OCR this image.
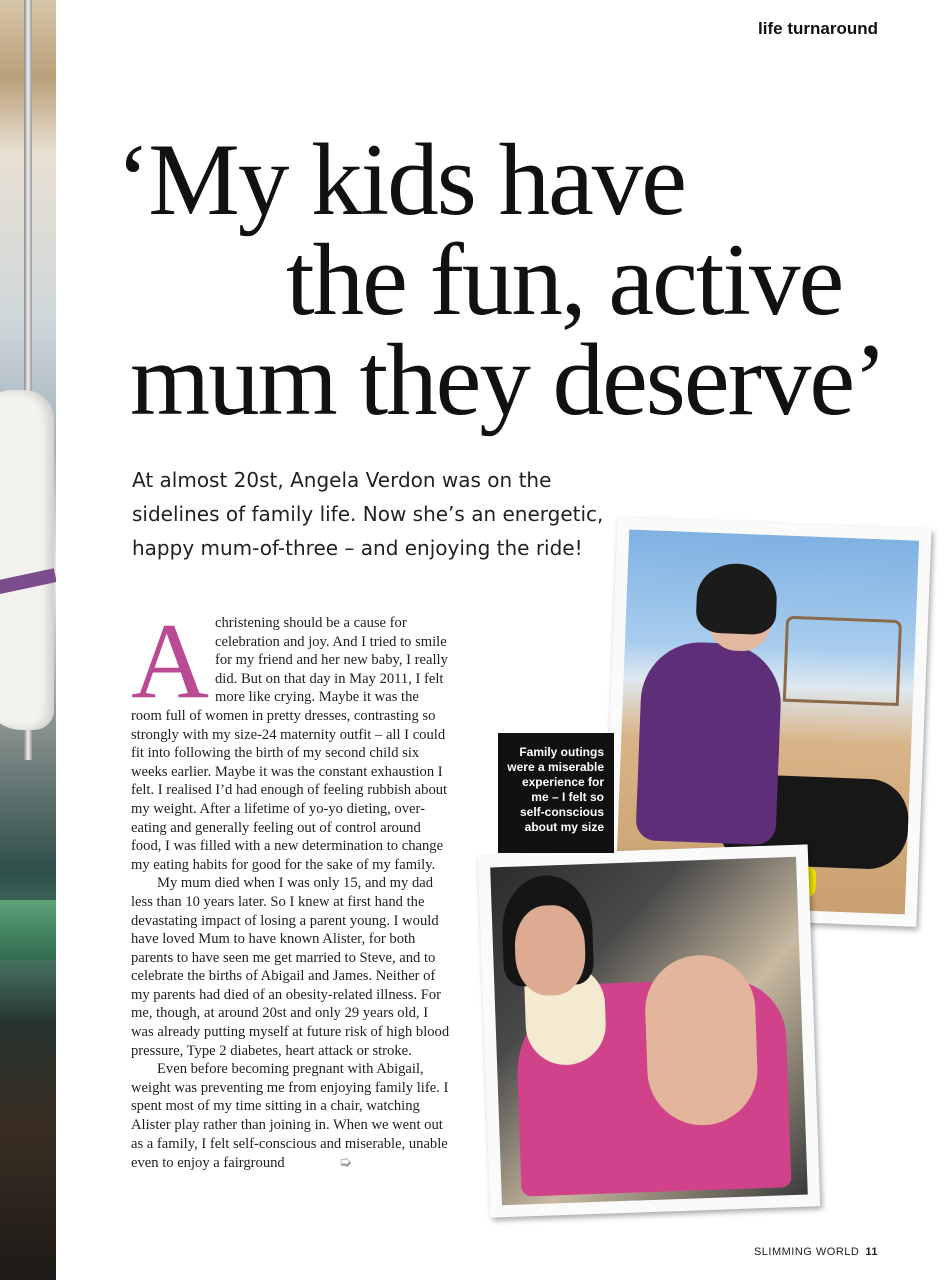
life turnaround
‘My kids have
the fun, active
mum they deserve’
At almost 20st, Angela Verdon was on the
sidelines of family life. Now she’s an energetic,
happy mum-of-three – and enjoying the ride!

A christening should be a cause for celebration and joy. And I tried to smile for my friend and her new baby, I really did. But on that day in May 2011, I felt more like crying. Maybe it was the room full of women in pretty dresses, contrasting so strongly with my size-24 maternity outfit – all I could fit into following the birth of my second child six weeks earlier. Maybe it was the constant exhaustion I felt. I realised I’d had enough of feeling rubbish about my weight. After a lifetime of yo-yo dieting, over-eating and generally feeling out of control around food, I was filled with a new determination to change my eating habits for good for the sake of my family.

My mum died when I was only 15, and my dad less than 10 years later. So I knew at first hand the devastating impact of losing a parent young. I would have loved Mum to have known Alister, for both parents to have seen me get married to Steve, and to celebrate the births of Abigail and James. Neither of my parents had died of an obesity-related illness. For me, though, at around 20st and only 29 years old, I was already putting myself at future risk of high blood pressure, Type 2 diabetes, heart attack or stroke.

Even before becoming pregnant with Abigail, weight was preventing me from enjoying family life. I spent most of my time sitting in a chair, watching Alister play rather than joining in. When we went out as a family, I felt self-conscious and miserable, unable even to enjoy a fairground	➭

Family outings
were a miserable
experience for
me – I felt so
self-conscious
about my size
SLIMMING WORLD 11
